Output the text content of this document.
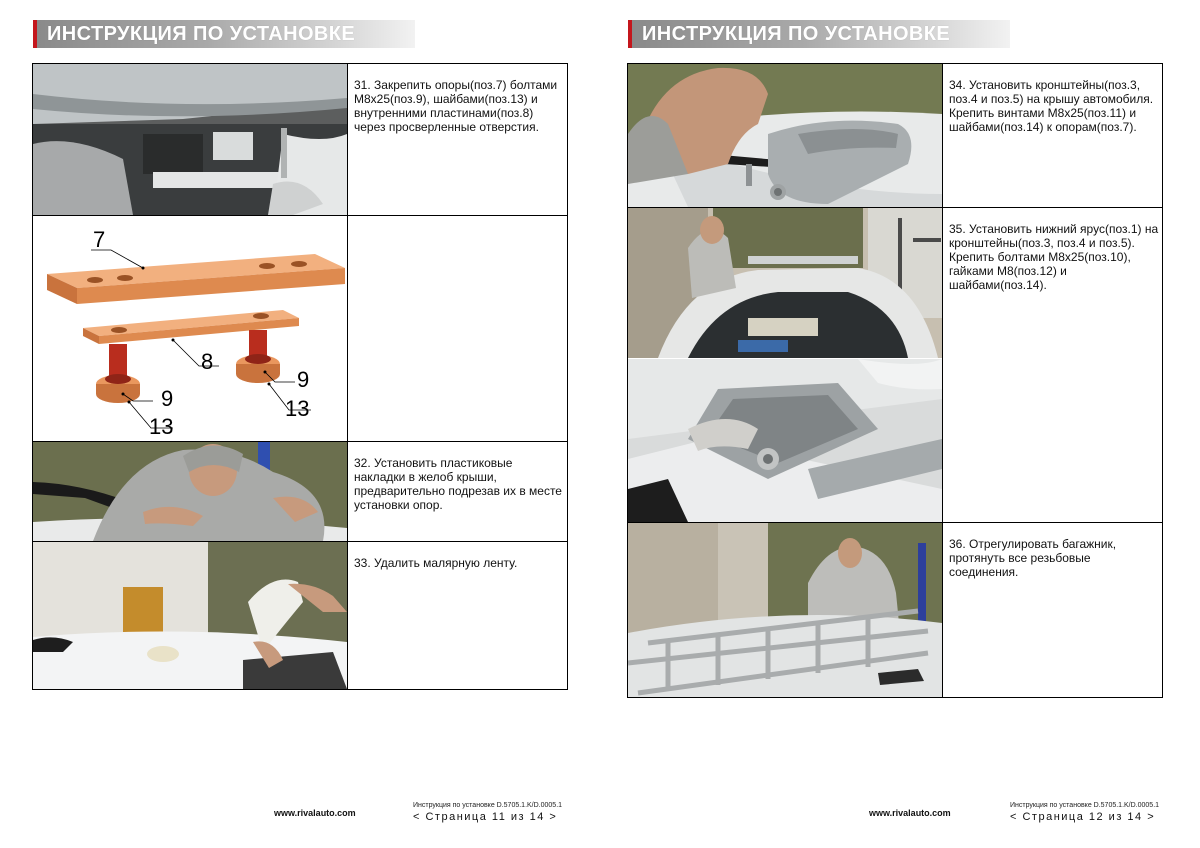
ИНСТРУКЦИЯ ПО УСТАНОВКЕ
31. Закрепить опоры(поз.7) болтами М8х25(поз.9), шайбами(поз.13) и внутренними пластинами(поз.8) через просверленные отверстия.
7
8
9
13
9
13
32. Установить пластиковые накладки в желоб крыши, предварительно подрезав их в месте установки опор.
33. Удалить малярную ленту.
www.rivalauto.com
Инструкция по установке D.5705.1.K/D.0005.1
< Страница 11 из 14 >
ИНСТРУКЦИЯ ПО УСТАНОВКЕ
34. Установить кронштейны(поз.3, поз.4 и поз.5) на крышу автомобиля. Крепить винтами М8х25(поз.11) и шайбами(поз.14) к опорам(поз.7).
35. Установить нижний ярус(поз.1) на кронштейны(поз.3, поз.4 и поз.5). Крепить болтами М8х25(поз.10), гайками М8(поз.12) и шайбами(поз.14).
36. Отрегулировать багажник, протянуть все резьбовые соединения.
www.rivalauto.com
Инструкция по установке D.5705.1.K/D.0005.1
< Страница 12 из 14 >
